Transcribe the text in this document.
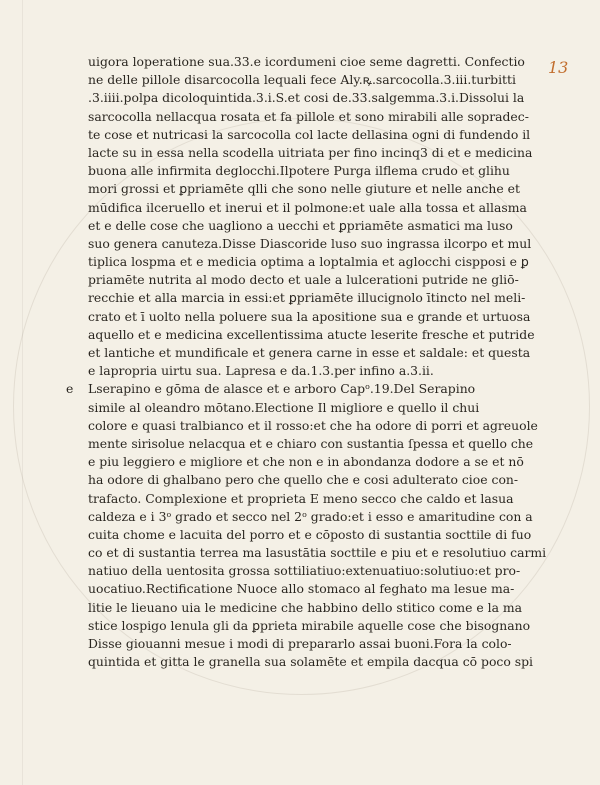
13
uigora loperatione sua.33.e icordumeni cioe seme dagretti. Confectio
ne delle pillole disarcocolla lequali fece Aly.ꝶ.sarcocolla.3.iii.turbitti
.3.iiii.polpa dicoloquintida.3.i.S.et cosi de.33.salgemma.3.i.Dissolui la
sarcocolla nellacqua rosata et fa pillole et sono mirabili alle sopradec-
te cose et nutricasi la sarcocolla col lacte dellasina ogni di fundendo il
lacte su in essa nella scodella uitriata per fino incinq3 di et e medicina
buona alle infirmita deglocchi.Ilpotere Purga ilflema crudo et glihu
mori grossi et ꝑpriamēte qlli che sono nelle giuture et nelle anche et
mūdifica ilceruello et inerui et il polmone:et uale alla tossa et allasma
et e delle cose che uagliono a uecchi et ꝑpriamēte asmatici ma luso
suo genera canuteza.Disse Diascoride luso suo ingrassa ilcorpo et mul
tiplica lospma et e medicia optima a loptalmia et aglocchi cispposi e ꝑ
priamēte nutrita al modo decto et uale a lulcerationi putride ne gliō-
recchie et alla marcia in essi:et ꝑpriamēte illucignolo ītincto nel meli-
crato et ī uolto nella poluere sua la apositione sua e grande et urtuosa
aquello et e medicina excellentissima atucte leserite fresche et putride
et lantiche et mundificale et genera carne in esse et saldale: et questa
e lapropria uirtu sua. Lapresa e da.1.3.per infino a.3.ii.
e Lserapino e gōma de alasce et e arboro Capᵒ.19.Del Serapino
simile al oleandro mōtano.Electione Il migliore e quello il chui
colore e quasi tralbianco et il rosso:et che ha odore di porri et agreuole
mente sirisolue nelacqua et e chiaro con sustantia ſpessa et quello che
e piu leggiero e migliore et che non e in abondanza dodore a se et nō
ha odore di ghalbano pero che quello che e cosi adulterato cioe con-
trafacto. Complexione et proprieta E meno secco che caldo et lasua
caldeza e i 3ᵒ grado et secco nel 2ᵒ grado:et i esso e amaritudine con a
cuita chome e lacuita del porro et e cōposto di sustantia socttile di fuo
co et di sustantia terrea ma lasustātia socttile e piu et e resolutiuo carmi
natiuo della uentosita grossa sottiliatiuo:extenuatiuo:solutiuo:et pro-
uocatiuo.Rectificatione Nuoce allo stomaco al feghato ma lesue ma-
litie le lieuano uia le medicine che habbino dello stitico come e la ma
stice lospigo lenula gli da ꝑprieta mirabile aquelle cose che bisognano
Disse giouanni mesue i modi di prepararlo assai buoni.Fora la colo-
quintida et gitta le granella sua solamēte et empila dacqua cō poco spi
